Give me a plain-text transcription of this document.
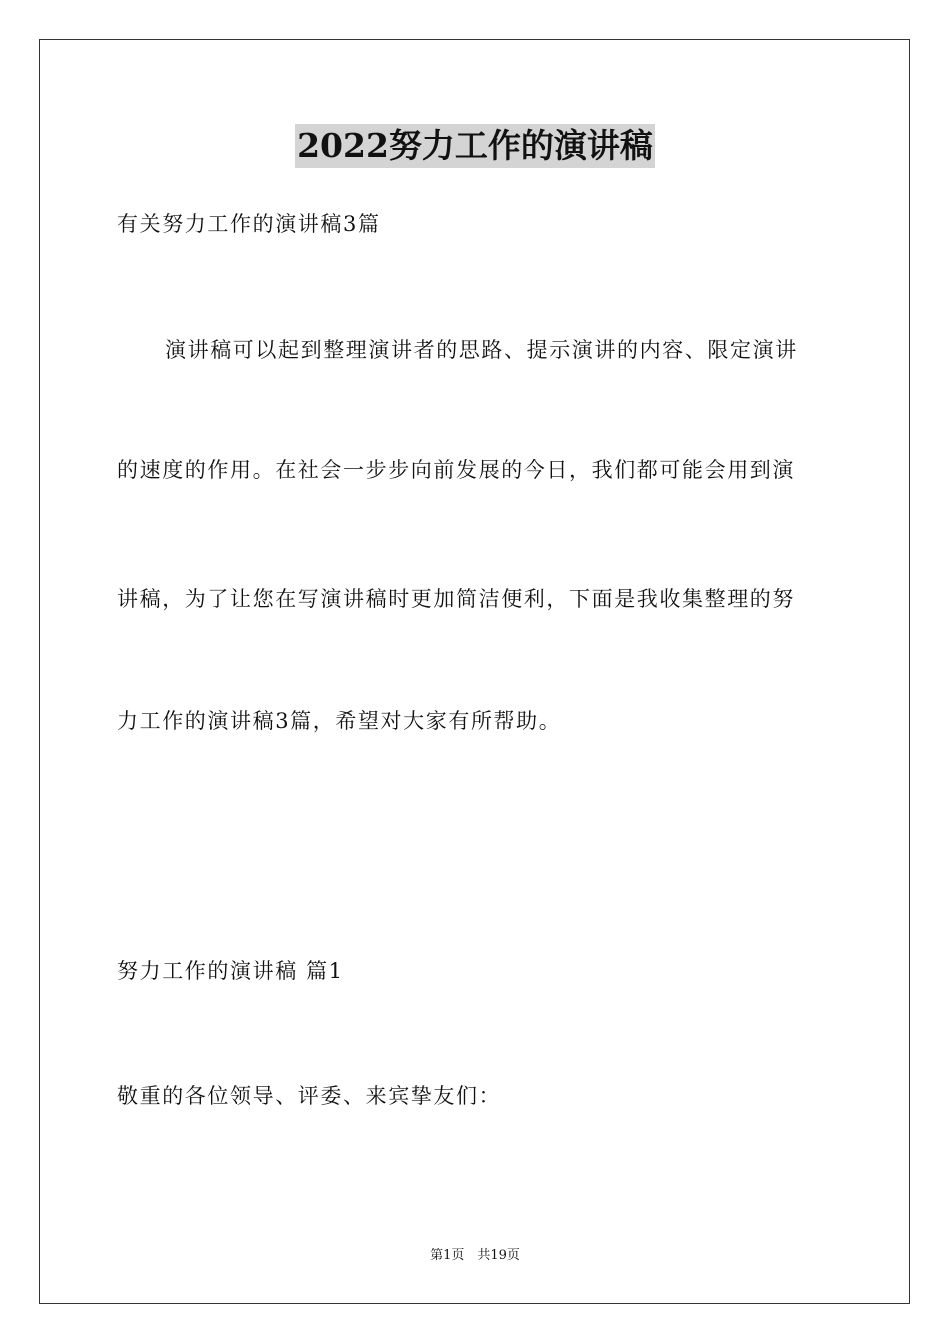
2022努力工作的演讲稿
有关努力工作的演讲稿3篇
演讲稿可以起到整理演讲者的思路、提示演讲的内容、限定演讲
的速度的作用。在社会一步步向前发展的今日，我们都可能会用到演
讲稿，为了让您在写演讲稿时更加简洁便利，下面是我收集整理的努
力工作的演讲稿3篇，希望对大家有所帮助。
努力工作的演讲稿 篇1
敬重的各位领导、评委、来宾挚友们：
第1页　共19页
